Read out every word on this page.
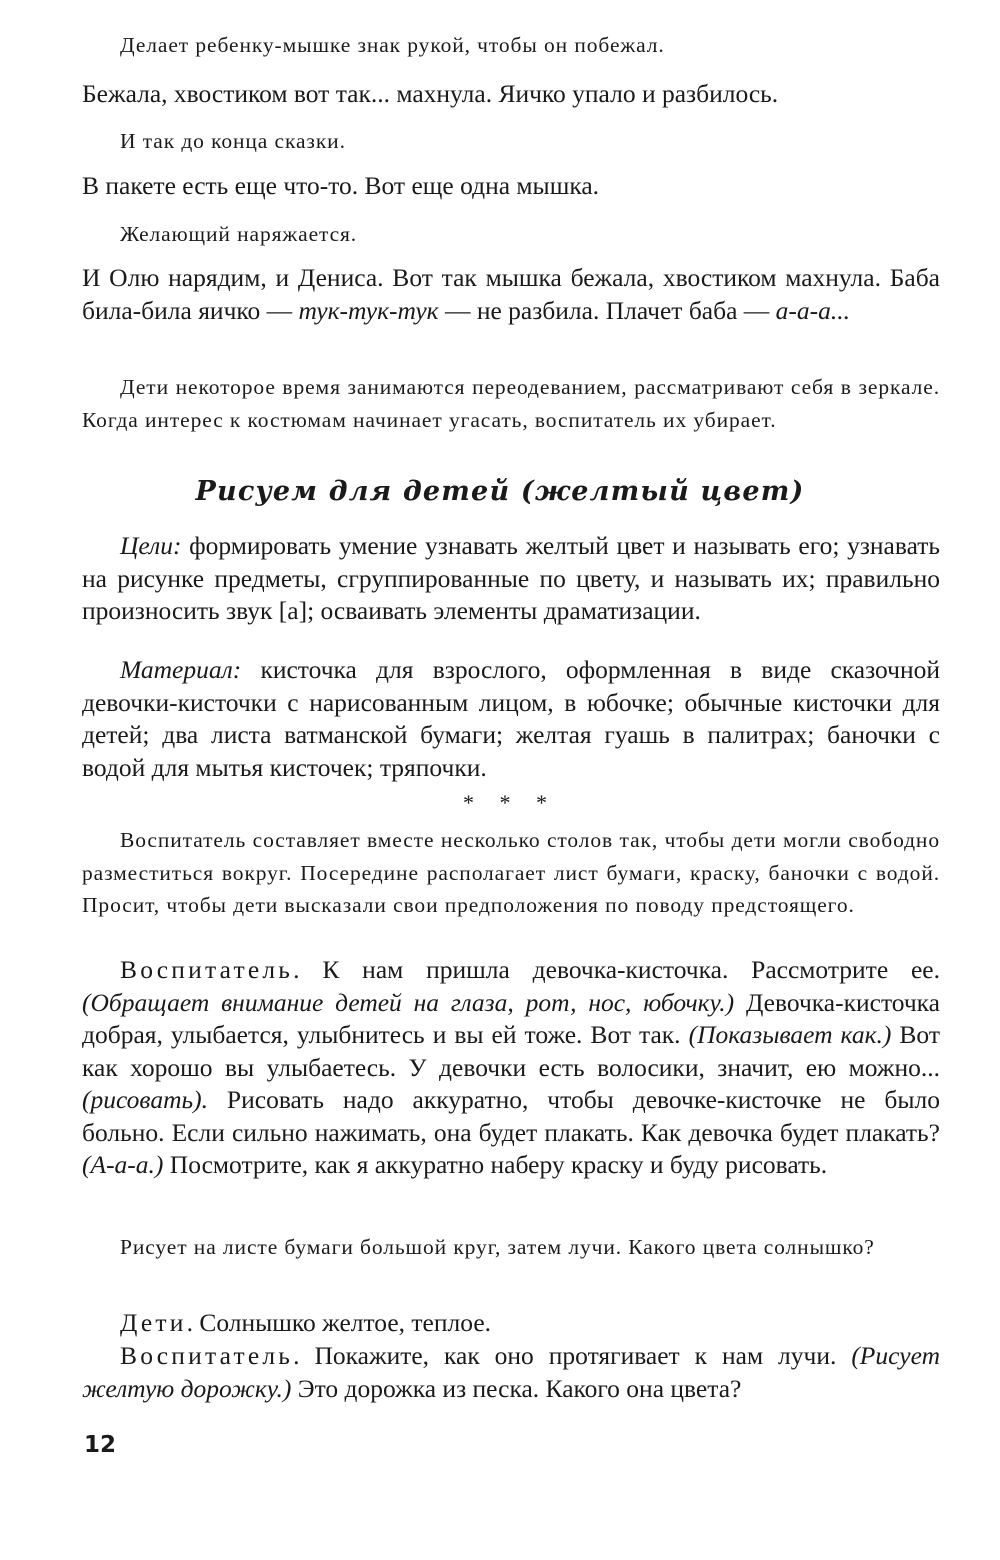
Делает ребенку-мышке знак рукой, чтобы он побежал.

Бежала, хвостиком вот так... махнула. Яичко упало и разбилось.

И так до конца сказки.

В пакете есть еще что-то. Вот еще одна мышка.

Желающий наряжается.

И Олю нарядим, и Дениса. Вот так мышка бежала, хвостиком махнула. Баба била-била яичко — тук-тук-тук — не разбила. Плачет баба — а-а-а...

Дети некоторое время занимаются переодеванием, рассматривают себя в зеркале. Когда интерес к костюмам начинает угасать, воспитатель их убирает.

Рисуем для детей (желтый цвет)

Цели: формировать умение узнавать желтый цвет и называть его; узнавать на рисунке предметы, сгруппированные по цвету, и называть их; правильно произносить звук [а]; осваивать элементы драматизации.

Материал: кисточка для взрослого, оформленная в виде сказочной девочки-кисточки с нарисованным лицом, в юбочке; обычные кисточки для детей; два листа ватманской бумаги; желтая гуашь в палитрах; баночки с водой для мытья кисточек; тряпочки.

* * *

Воспитатель составляет вместе несколько столов так, чтобы дети могли свободно разместиться вокруг. Посередине располагает лист бумаги, краску, баночки с водой. Просит, чтобы дети высказали свои предположения по поводу предстоящего.

Воспитатель. К нам пришла девочка-кисточка. Рассмотрите ее. (Обращает внимание детей на глаза, рот, нос, юбочку.) Девочка-кисточка добрая, улыбается, улыбнитесь и вы ей тоже. Вот так. (Показывает как.) Вот как хорошо вы улыбаетесь. У девочки есть волосики, значит, ею можно... (рисовать). Рисовать надо аккуратно, чтобы девочке-кисточке не было больно. Если сильно нажимать, она будет плакать. Как девочка будет плакать? (А-а-а.) Посмотрите, как я аккуратно наберу краску и буду рисовать.

Рисует на листе бумаги большой круг, затем лучи. Какого цвета солнышко?

Дети. Солнышко желтое, теплое.

Воспитатель. Покажите, как оно протягивает к нам лучи. (Рисует желтую дорожку.) Это дорожка из песка. Какого она цвета?

12
